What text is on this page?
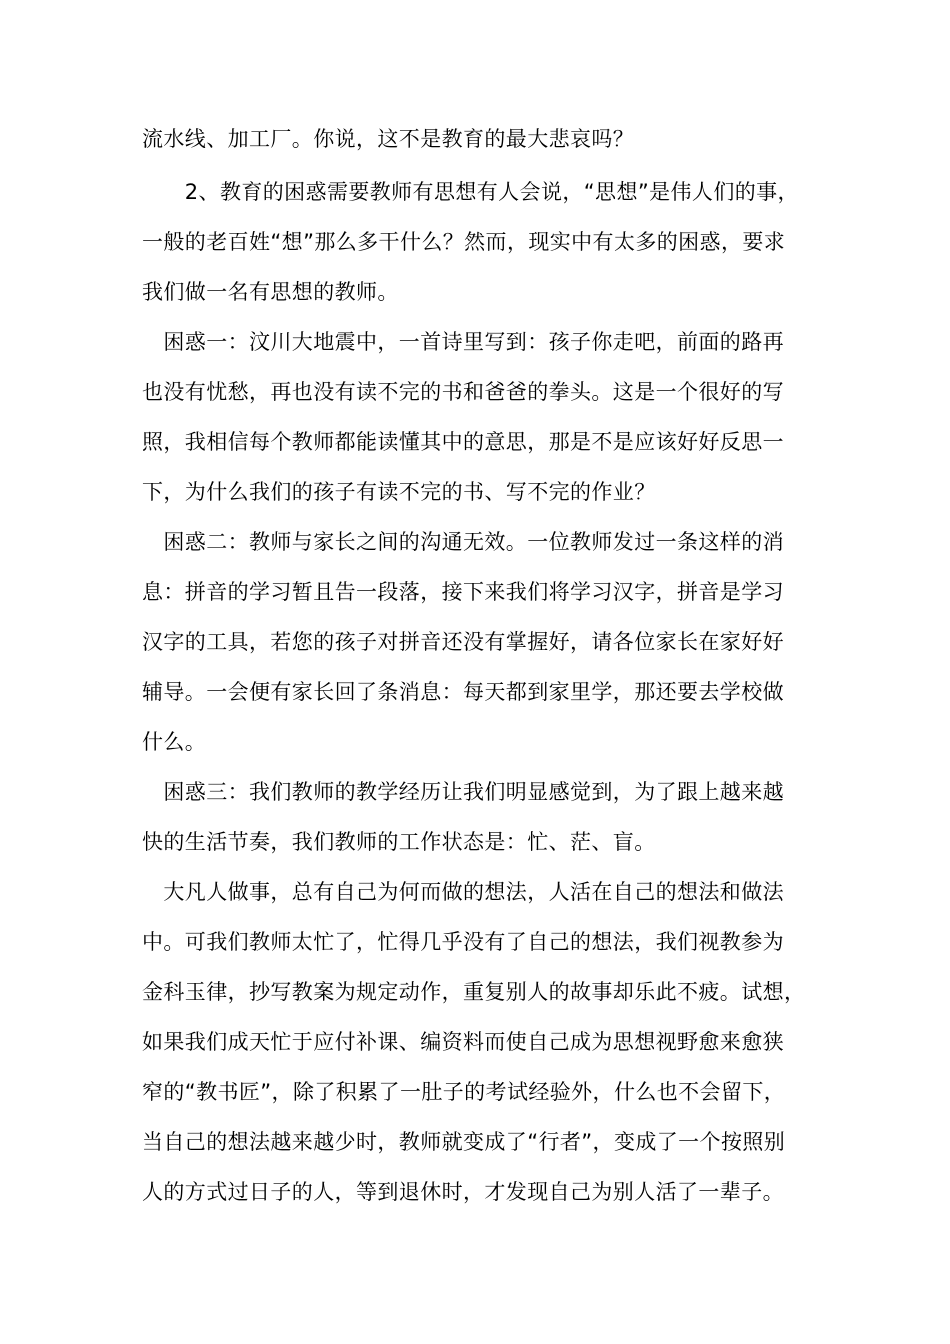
流水线、加工厂。你说，这不是教育的最大悲哀吗？
　　2、教育的困惑需要教师有思想有人会说，“思想”是伟人们的事，
一般的老百姓“想”那么多干什么？然而，现实中有太多的困惑，要求
我们做一名有思想的教师。
　困惑一：汶川大地震中，一首诗里写到：孩子你走吧，前面的路再
也没有忧愁，再也没有读不完的书和爸爸的拳头。这是一个很好的写
照，我相信每个教师都能读懂其中的意思，那是不是应该好好反思一
下，为什么我们的孩子有读不完的书、写不完的作业？
　困惑二：教师与家长之间的沟通无效。一位教师发过一条这样的消
息：拼音的学习暂且告一段落，接下来我们将学习汉字，拼音是学习
汉字的工具，若您的孩子对拼音还没有掌握好，请各位家长在家好好
辅导。一会便有家长回了条消息：每天都到家里学，那还要去学校做
什么。
　困惑三：我们教师的教学经历让我们明显感觉到，为了跟上越来越
快的生活节奏，我们教师的工作状态是：忙、茫、盲。
　大凡人做事，总有自己为何而做的想法，人活在自己的想法和做法
中。可我们教师太忙了，忙得几乎没有了自己的想法，我们视教参为
金科玉律，抄写教案为规定动作，重复别人的故事却乐此不疲。试想，
如果我们成天忙于应付补课、编资料而使自己成为思想视野愈来愈狭
窄的“教书匠”，除了积累了一肚子的考试经验外，什么也不会留下，
当自己的想法越来越少时，教师就变成了“行者”，变成了一个按照别
人的方式过日子的人，等到退休时，才发现自己为别人活了一辈子。
